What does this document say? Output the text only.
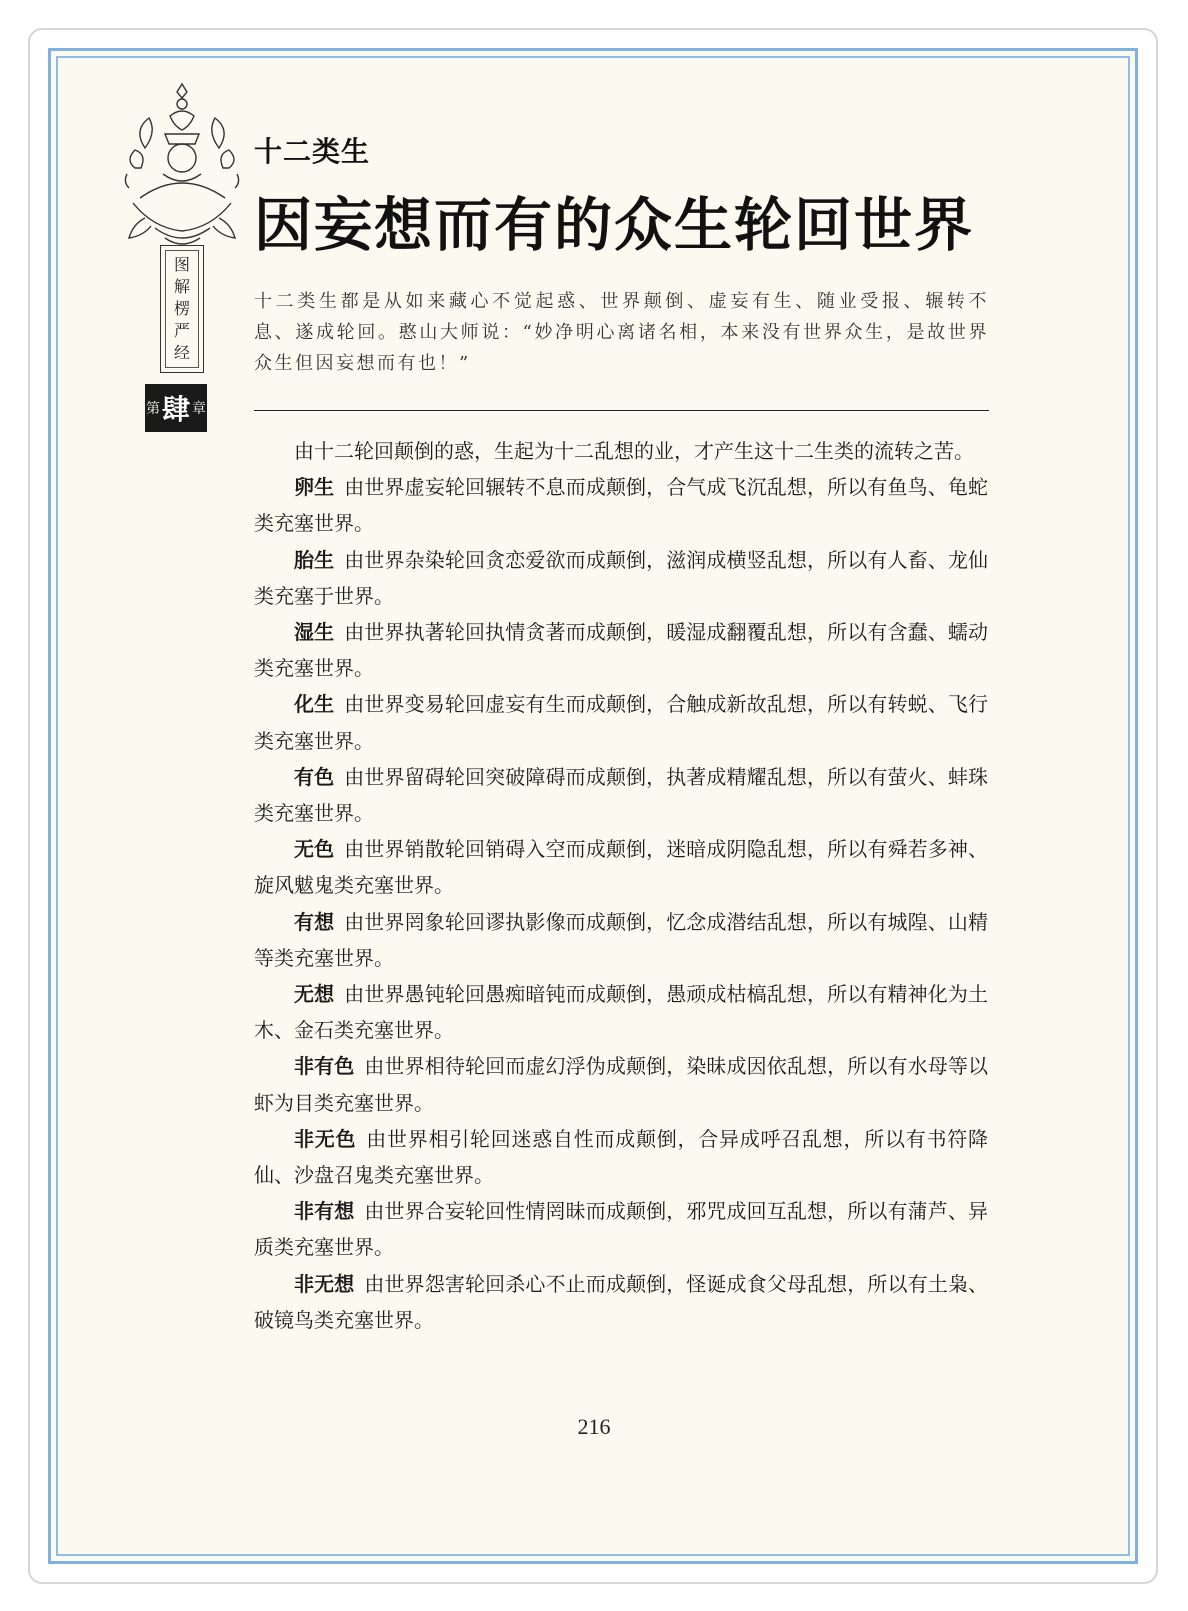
图
解
楞
严
经
第 肆 章
十二类生
因妄想而有的众生轮回世界
十二类生都是从如来藏心不觉起惑、世界颠倒、虚妄有生、随业受报、辗转不息、遂成轮回。憨山大师说：“妙净明心离诸名相，本来没有世界众生，是故世界众生但因妄想而有也！”

由十二轮回颠倒的惑，生起为十二乱想的业，才产生这十二生类的流转之苦。

卵生 由世界虚妄轮回辗转不息而成颠倒，合气成飞沉乱想，所以有鱼鸟、龟蛇类充塞世界。

胎生 由世界杂染轮回贪恋爱欲而成颠倒，滋润成横竖乱想，所以有人畜、龙仙类充塞于世界。

湿生 由世界执著轮回执情贪著而成颠倒，暖湿成翻覆乱想，所以有含蠢、蠕动类充塞世界。

化生 由世界变易轮回虚妄有生而成颠倒，合触成新故乱想，所以有转蜕、飞行类充塞世界。

有色 由世界留碍轮回突破障碍而成颠倒，执著成精耀乱想，所以有萤火、蚌珠类充塞世界。

无色 由世界销散轮回销碍入空而成颠倒，迷暗成阴隐乱想，所以有舜若多神、旋风魃鬼类充塞世界。

有想 由世界罔象轮回谬执影像而成颠倒，忆念成潜结乱想，所以有城隍、山精等类充塞世界。

无想 由世界愚钝轮回愚痴暗钝而成颠倒，愚顽成枯槁乱想，所以有精神化为土木、金石类充塞世界。

非有色 由世界相待轮回而虚幻浮伪成颠倒，染昧成因依乱想，所以有水母等以虾为目类充塞世界。

非无色 由世界相引轮回迷惑自性而成颠倒，合异成呼召乱想，所以有书符降仙、沙盘召鬼类充塞世界。

非有想 由世界合妄轮回性情罔昧而成颠倒，邪咒成回互乱想，所以有蒲芦、异质类充塞世界。

非无想 由世界怨害轮回杀心不止而成颠倒，怪诞成食父母乱想，所以有土枭、破镜鸟类充塞世界。

216
